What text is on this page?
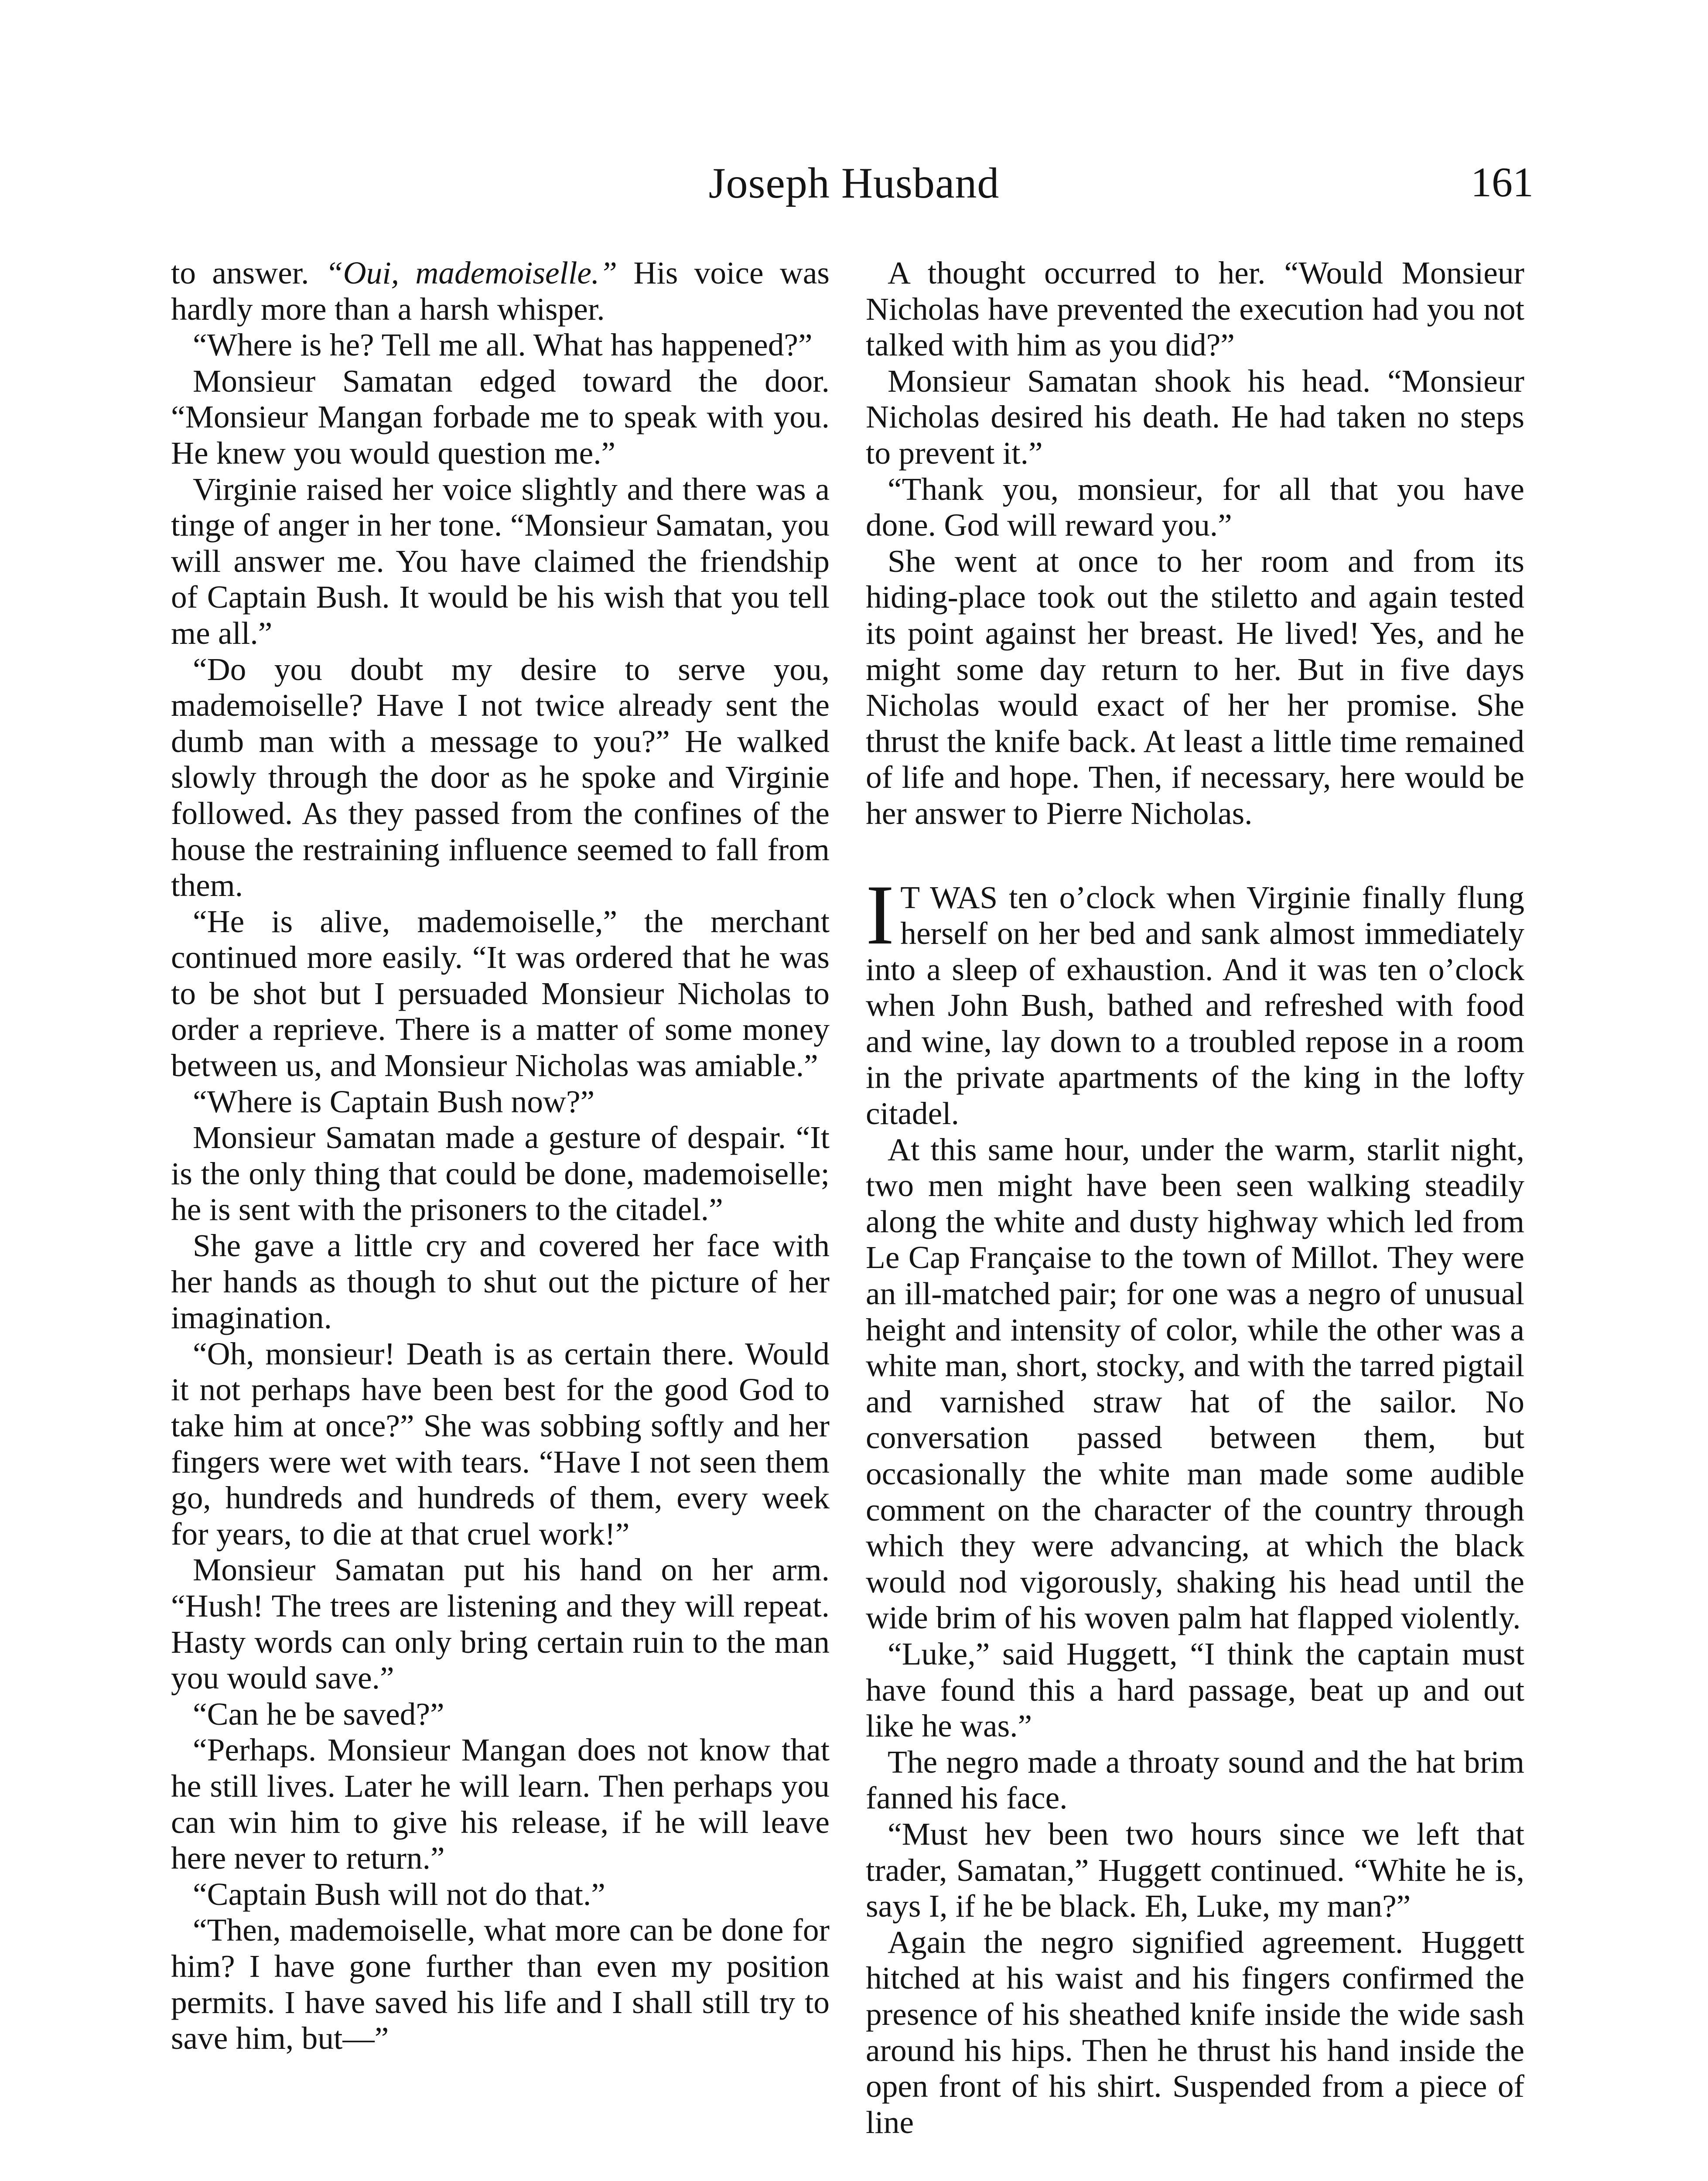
Joseph Husband	161

to answer. “Oui, mademoiselle.” His voice was hardly more than a harsh whisper.

“Where is he? Tell me all. What has happened?”

Monsieur Samatan edged toward the door. “Monsieur Mangan forbade me to speak with you. He knew you would question me.”

Virginie raised her voice slightly and there was a tinge of anger in her tone. “Monsieur Samatan, you will answer me. You have claimed the friendship of Captain Bush. It would be his wish that you tell me all.”

“Do you doubt my desire to serve you, mademoiselle? Have I not twice already sent the dumb man with a message to you?” He walked slowly through the door as he spoke and Virginie followed. As they passed from the confines of the house the restraining influence seemed to fall from them.

“He is alive, mademoiselle,” the merchant continued more easily. “It was ordered that he was to be shot but I persuaded Monsieur Nicholas to order a reprieve. There is a matter of some money between us, and Monsieur Nicholas was amiable.”

“Where is Captain Bush now?”

Monsieur Samatan made a gesture of despair. “It is the only thing that could be done, mademoiselle; he is sent with the prisoners to the citadel.”

She gave a little cry and covered her face with her hands as though to shut out the picture of her imagination.

“Oh, monsieur! Death is as certain there. Would it not perhaps have been best for the good God to take him at once?” She was sobbing softly and her fingers were wet with tears. “Have I not seen them go, hundreds and hundreds of them, every week for years, to die at that cruel work!”

Monsieur Samatan put his hand on her arm. “Hush! The trees are listening and they will repeat. Hasty words can only bring certain ruin to the man you would save.”

“Can he be saved?”

“Perhaps. Monsieur Mangan does not know that he still lives. Later he will learn. Then perhaps you can win him to give his release, if he will leave here never to return.”

“Captain Bush will not do that.”

“Then, mademoiselle, what more can be done for him? I have gone further than even my position permits. I have saved his life and I shall still try to save him, but—”

A thought occurred to her. “Would Monsieur Nicholas have prevented the execution had you not talked with him as you did?”

Monsieur Samatan shook his head. “Monsieur Nicholas desired his death. He had taken no steps to prevent it.”

“Thank you, monsieur, for all that you have done. God will reward you.”

She went at once to her room and from its hiding-place took out the stiletto and again tested its point against her breast. He lived! Yes, and he might some day return to her. But in five days Nicholas would exact of her her promise. She thrust the knife back. At least a little time remained of life and hope. Then, if necessary, here would be her answer to Pierre Nicholas.

I T WAS ten o’clock when Virginie finally flung herself on her bed and sank almost immediately into a sleep of exhaustion. And it was ten o’clock when John Bush, bathed and refreshed with food and wine, lay down to a troubled repose in a room in the private apartments of the king in the lofty citadel.

At this same hour, under the warm, starlit night, two men might have been seen walking steadily along the white and dusty highway which led from Le Cap Française to the town of Millot. They were an ill-matched pair; for one was a negro of unusual height and intensity of color, while the other was a white man, short, stocky, and with the tarred pigtail and varnished straw hat of the sailor. No conversation passed between them, but occasionally the white man made some audible comment on the character of the country through which they were advancing, at which the black would nod vigorously, shaking his head until the wide brim of his woven palm hat flapped violently.

“Luke,” said Huggett, “I think the captain must have found this a hard passage, beat up and out like he was.”

The negro made a throaty sound and the hat brim fanned his face.

“Must hev been two hours since we left that trader, Samatan,” Huggett continued. “White he is, says I, if he be black. Eh, Luke, my man?”

Again the negro signified agreement. Huggett hitched at his waist and his fingers confirmed the presence of his sheathed knife inside the wide sash around his hips. Then he thrust his hand inside the open front of his shirt. Suspended from a piece of line
